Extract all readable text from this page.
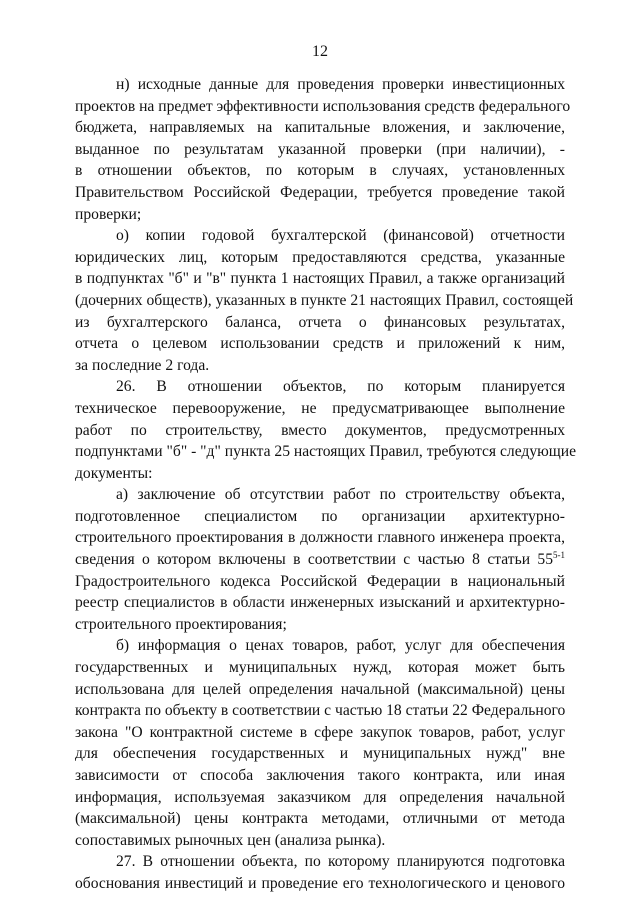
12
н) исходные данные для проведения проверки инвестиционных
проектов на предмет эффективности использования средств федерального
бюджета, направляемых на капитальные вложения, и заключение,
выданное по результатам указанной проверки (при наличии), -
в отношении объектов, по которым в случаях, установленных
Правительством Российской Федерации, требуется проведение такой
проверки;
о) копии годовой бухгалтерской (финансовой) отчетности
юридических лиц, которым предоставляются средства, указанные
в подпунктах "б" и "в" пункта 1 настоящих Правил, а также организаций
(дочерних обществ), указанных в пункте 21 настоящих Правил, состоящей
из бухгалтерского баланса, отчета о финансовых результатах,
отчета о целевом использовании средств и приложений к ним,
за последние 2 года.
26. В отношении объектов, по которым планируется
техническое перевооружение, не предусматривающее выполнение
работ по строительству, вместо документов, предусмотренных
подпунктами "б" - "д" пункта 25 настоящих Правил, требуются следующие
документы:
а) заключение об отсутствии работ по строительству объекта,
подготовленное специалистом по организации архитектурно-
строительного проектирования в должности главного инженера проекта,
сведения о котором включены в соответствии с частью 8 статьи 55$^{5-1}$
Градостроительного кодекса Российской Федерации в национальный
реестр специалистов в области инженерных изысканий и архитектурно-
строительного проектирования;
б) информация о ценах товаров, работ, услуг для обеспечения
государственных и муниципальных нужд, которая может быть
использована для целей определения начальной (максимальной) цены
контракта по объекту в соответствии с частью 18 статьи 22 Федерального
закона "О контрактной системе в сфере закупок товаров, работ, услуг
для обеспечения государственных и муниципальных нужд" вне
зависимости от способа заключения такого контракта, или иная
информация, используемая заказчиком для определения начальной
(максимальной) цены контракта методами, отличными от метода
сопоставимых рыночных цен (анализа рынка).
27. В отношении объекта, по которому планируются подготовка
обоснования инвестиций и проведение его технологического и ценового
